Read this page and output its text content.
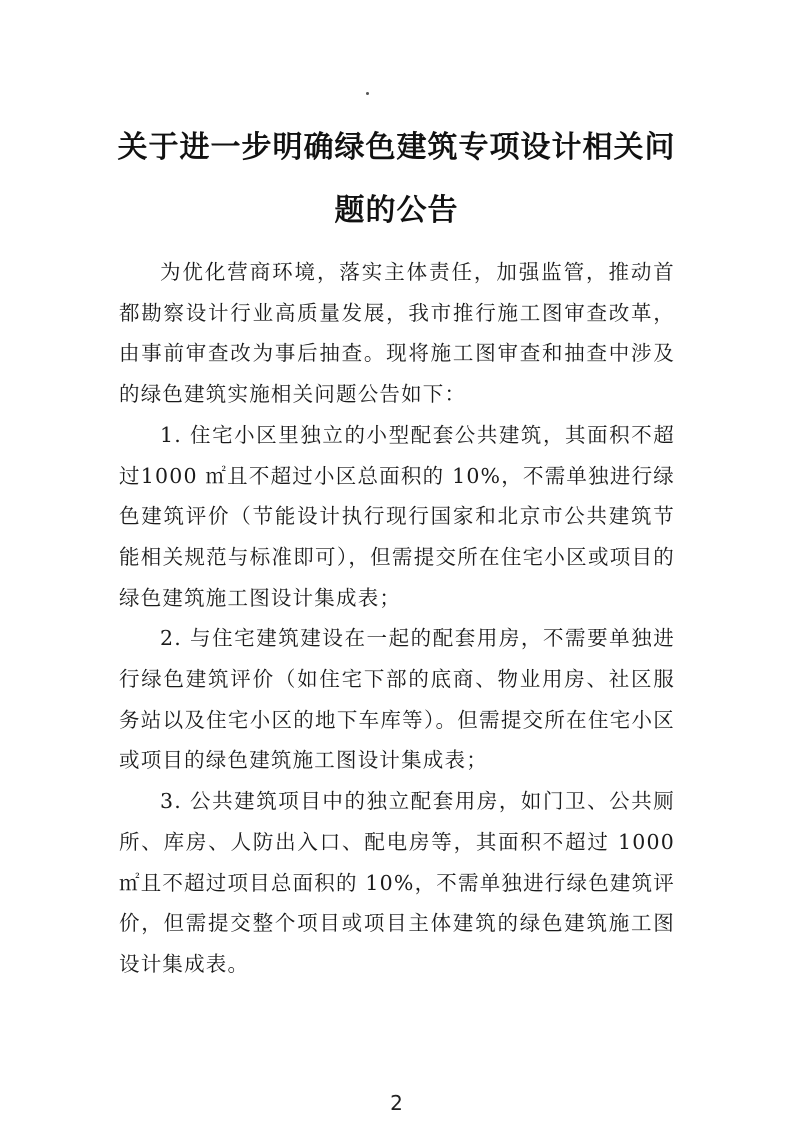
关于进一步明确绿色建筑专项设计相关问
题的公告

为优化营商环境，落实主体责任，加强监管，推动首都勘察设计行业高质量发展，我市推行施工图审查改革，由事前审查改为事后抽查。现将施工图审查和抽查中涉及的绿色建筑实施相关问题公告如下：

1. 住宅小区里独立的小型配套公共建筑，其面积不超过1000 ㎡且不超过小区总面积的 10%，不需单独进行绿色建筑评价（节能设计执行现行国家和北京市公共建筑节能相关规范与标准即可），但需提交所在住宅小区或项目的绿色建筑施工图设计集成表；

2. 与住宅建筑建设在一起的配套用房，不需要单独进行绿色建筑评价（如住宅下部的底商、物业用房、社区服务站以及住宅小区的地下车库等）。但需提交所在住宅小区或项目的绿色建筑施工图设计集成表；

3. 公共建筑项目中的独立配套用房，如门卫、公共厕所、库房、人防出入口、配电房等，其面积不超过 1000 ㎡且不超过项目总面积的 10%，不需单独进行绿色建筑评价，但需提交整个项目或项目主体建筑的绿色建筑施工图设计集成表。

2
